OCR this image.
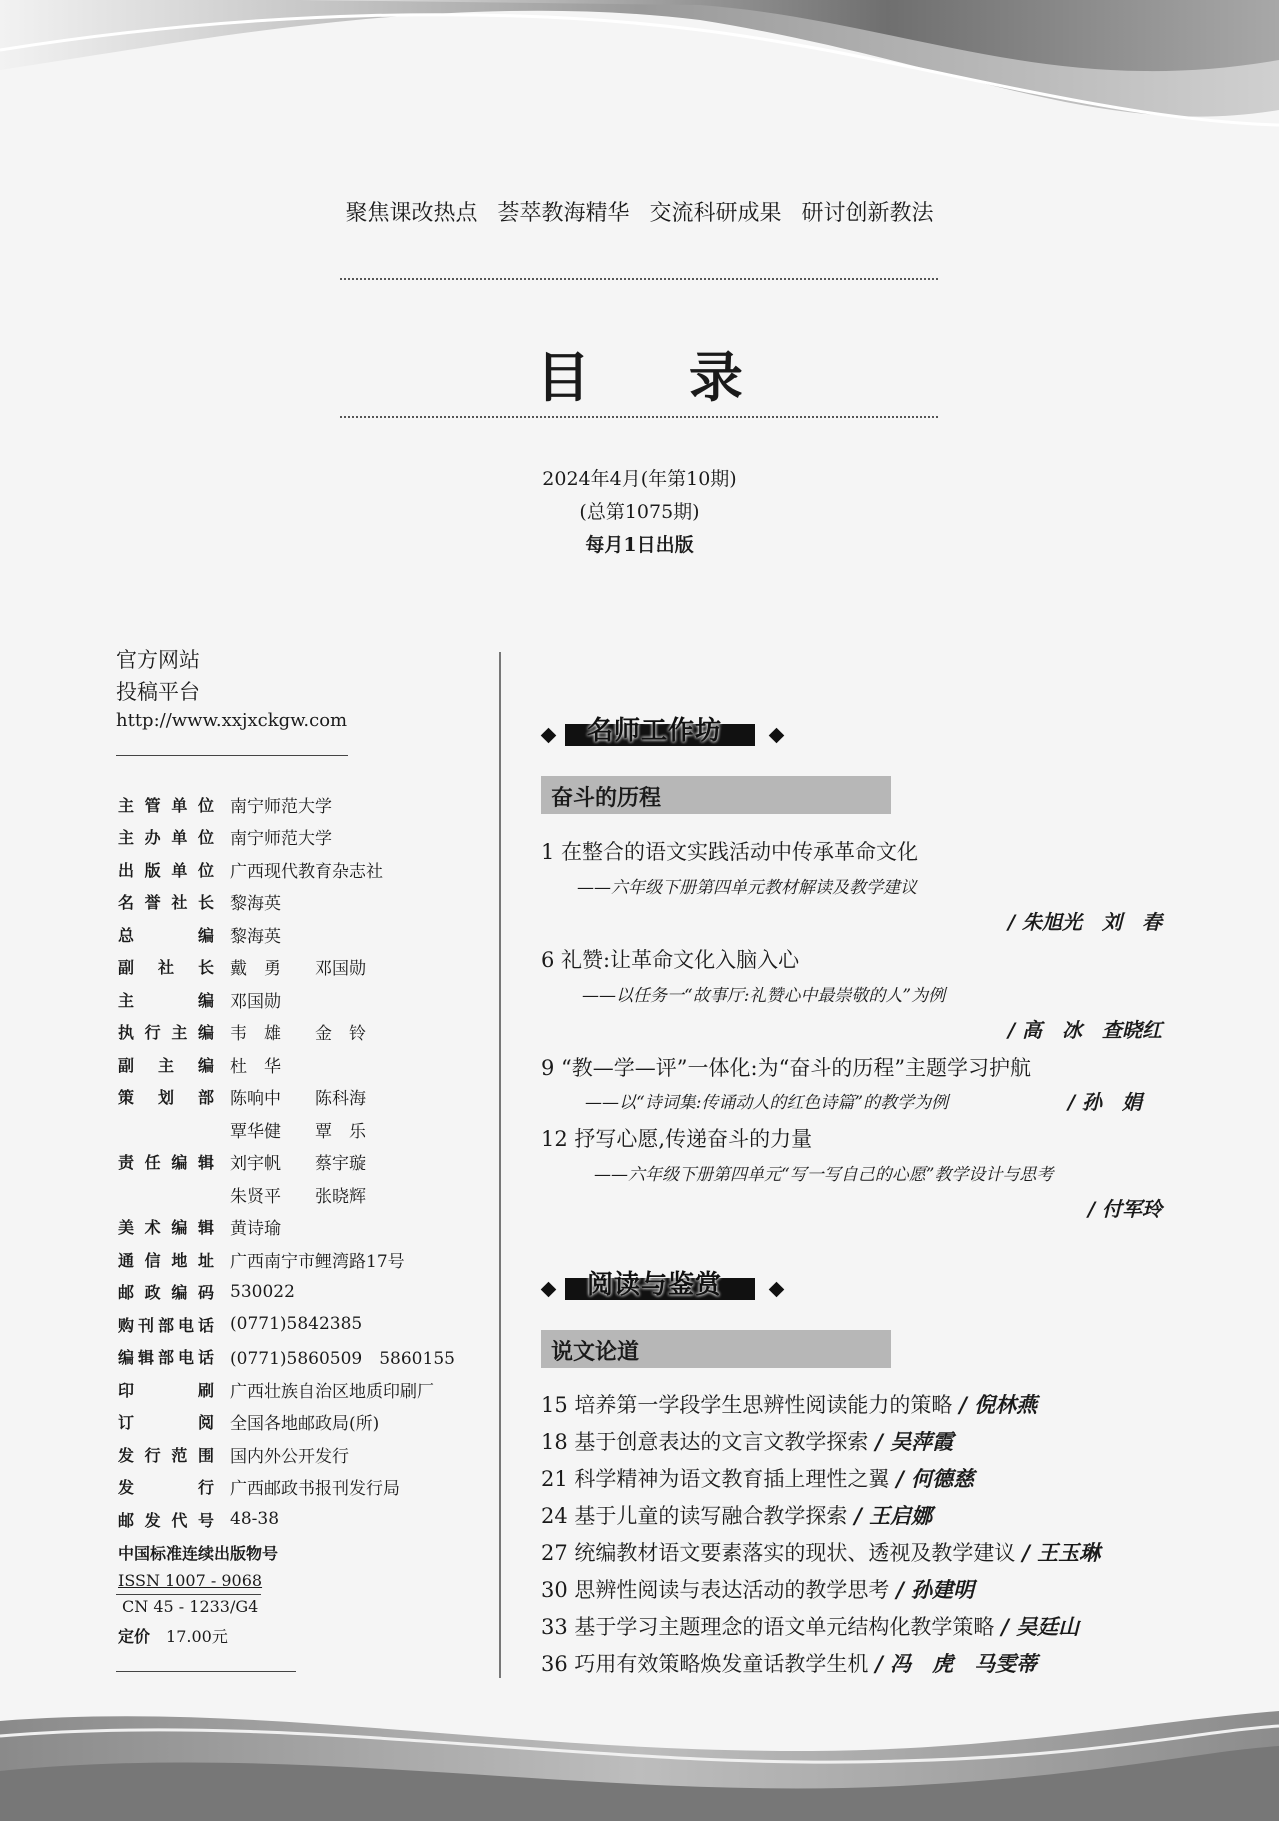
聚焦课改热点 荟萃教海精华 交流科研成果 研讨创新教法
目 录
2024年4月(年第10期)
(总第1075期)
每月1日出版
官方网站
投稿平台
http://www.xxjxckgw.com
主管单位 南宁师范大学
主办单位 南宁师范大学
出版单位 广西现代教育杂志社
名誉社长 黎海英
总编 黎海英
副社长 戴　勇　　邓国勋
主编 邓国勋
执行主编 韦　雄　　金　铃
副主编 杜　华
策划部 陈响中　　陈科海
覃华健　　覃　乐
责任编辑 刘宇帆　　蔡宇璇
朱贤平　　张晓辉
美术编辑 黄诗瑜
通信地址 广西南宁市鲤湾路17号
邮政编码 530022
购刊部电话 (0771)5842385
编辑部电话 (0771)5860509　5860155
印刷 广西壮族自治区地质印刷厂
订阅 全国各地邮政局(所)
发行范围 国内外公开发行
发行 广西邮政书报刊发行局
邮发代号 48-38
中国标准连续出版物号
ISSN 1007 - 9068
CN 45 - 1233/G4
定价 17.00元
名师工作坊
奋斗的历程
1 在整合的语文实践活动中传承革命文化
——六年级下册第四单元教材解读及教学建议
/ 朱旭光　刘　春
6 礼赞:让革命文化入脑入心
——以任务一“故事厅:礼赞心中最崇敬的人”为例
/ 高　冰　查晓红
9 “教—学—评”一体化:为“奋斗的历程”主题学习护航
——以“诗词集:传诵动人的红色诗篇”的教学为例	/ 孙　娟
12 抒写心愿,传递奋斗的力量
——六年级下册第四单元“写一写自己的心愿”教学设计与思考
/ 付军玲
阅读与鉴赏
说文论道
15 培养第一学段学生思辨性阅读能力的策略 / 倪林燕
18 基于创意表达的文言文教学探索 / 吴萍霞
21 科学精神为语文教育插上理性之翼 / 何德慈
24 基于儿童的读写融合教学探索 / 王启娜
27 统编教材语文要素落实的现状、透视及教学建议 / 王玉琳
30 思辨性阅读与表达活动的教学思考 / 孙建明
33 基于学习主题理念的语文单元结构化教学策略 / 吴廷山
36 巧用有效策略焕发童话教学生机 / 冯　虎　马雯蒂
